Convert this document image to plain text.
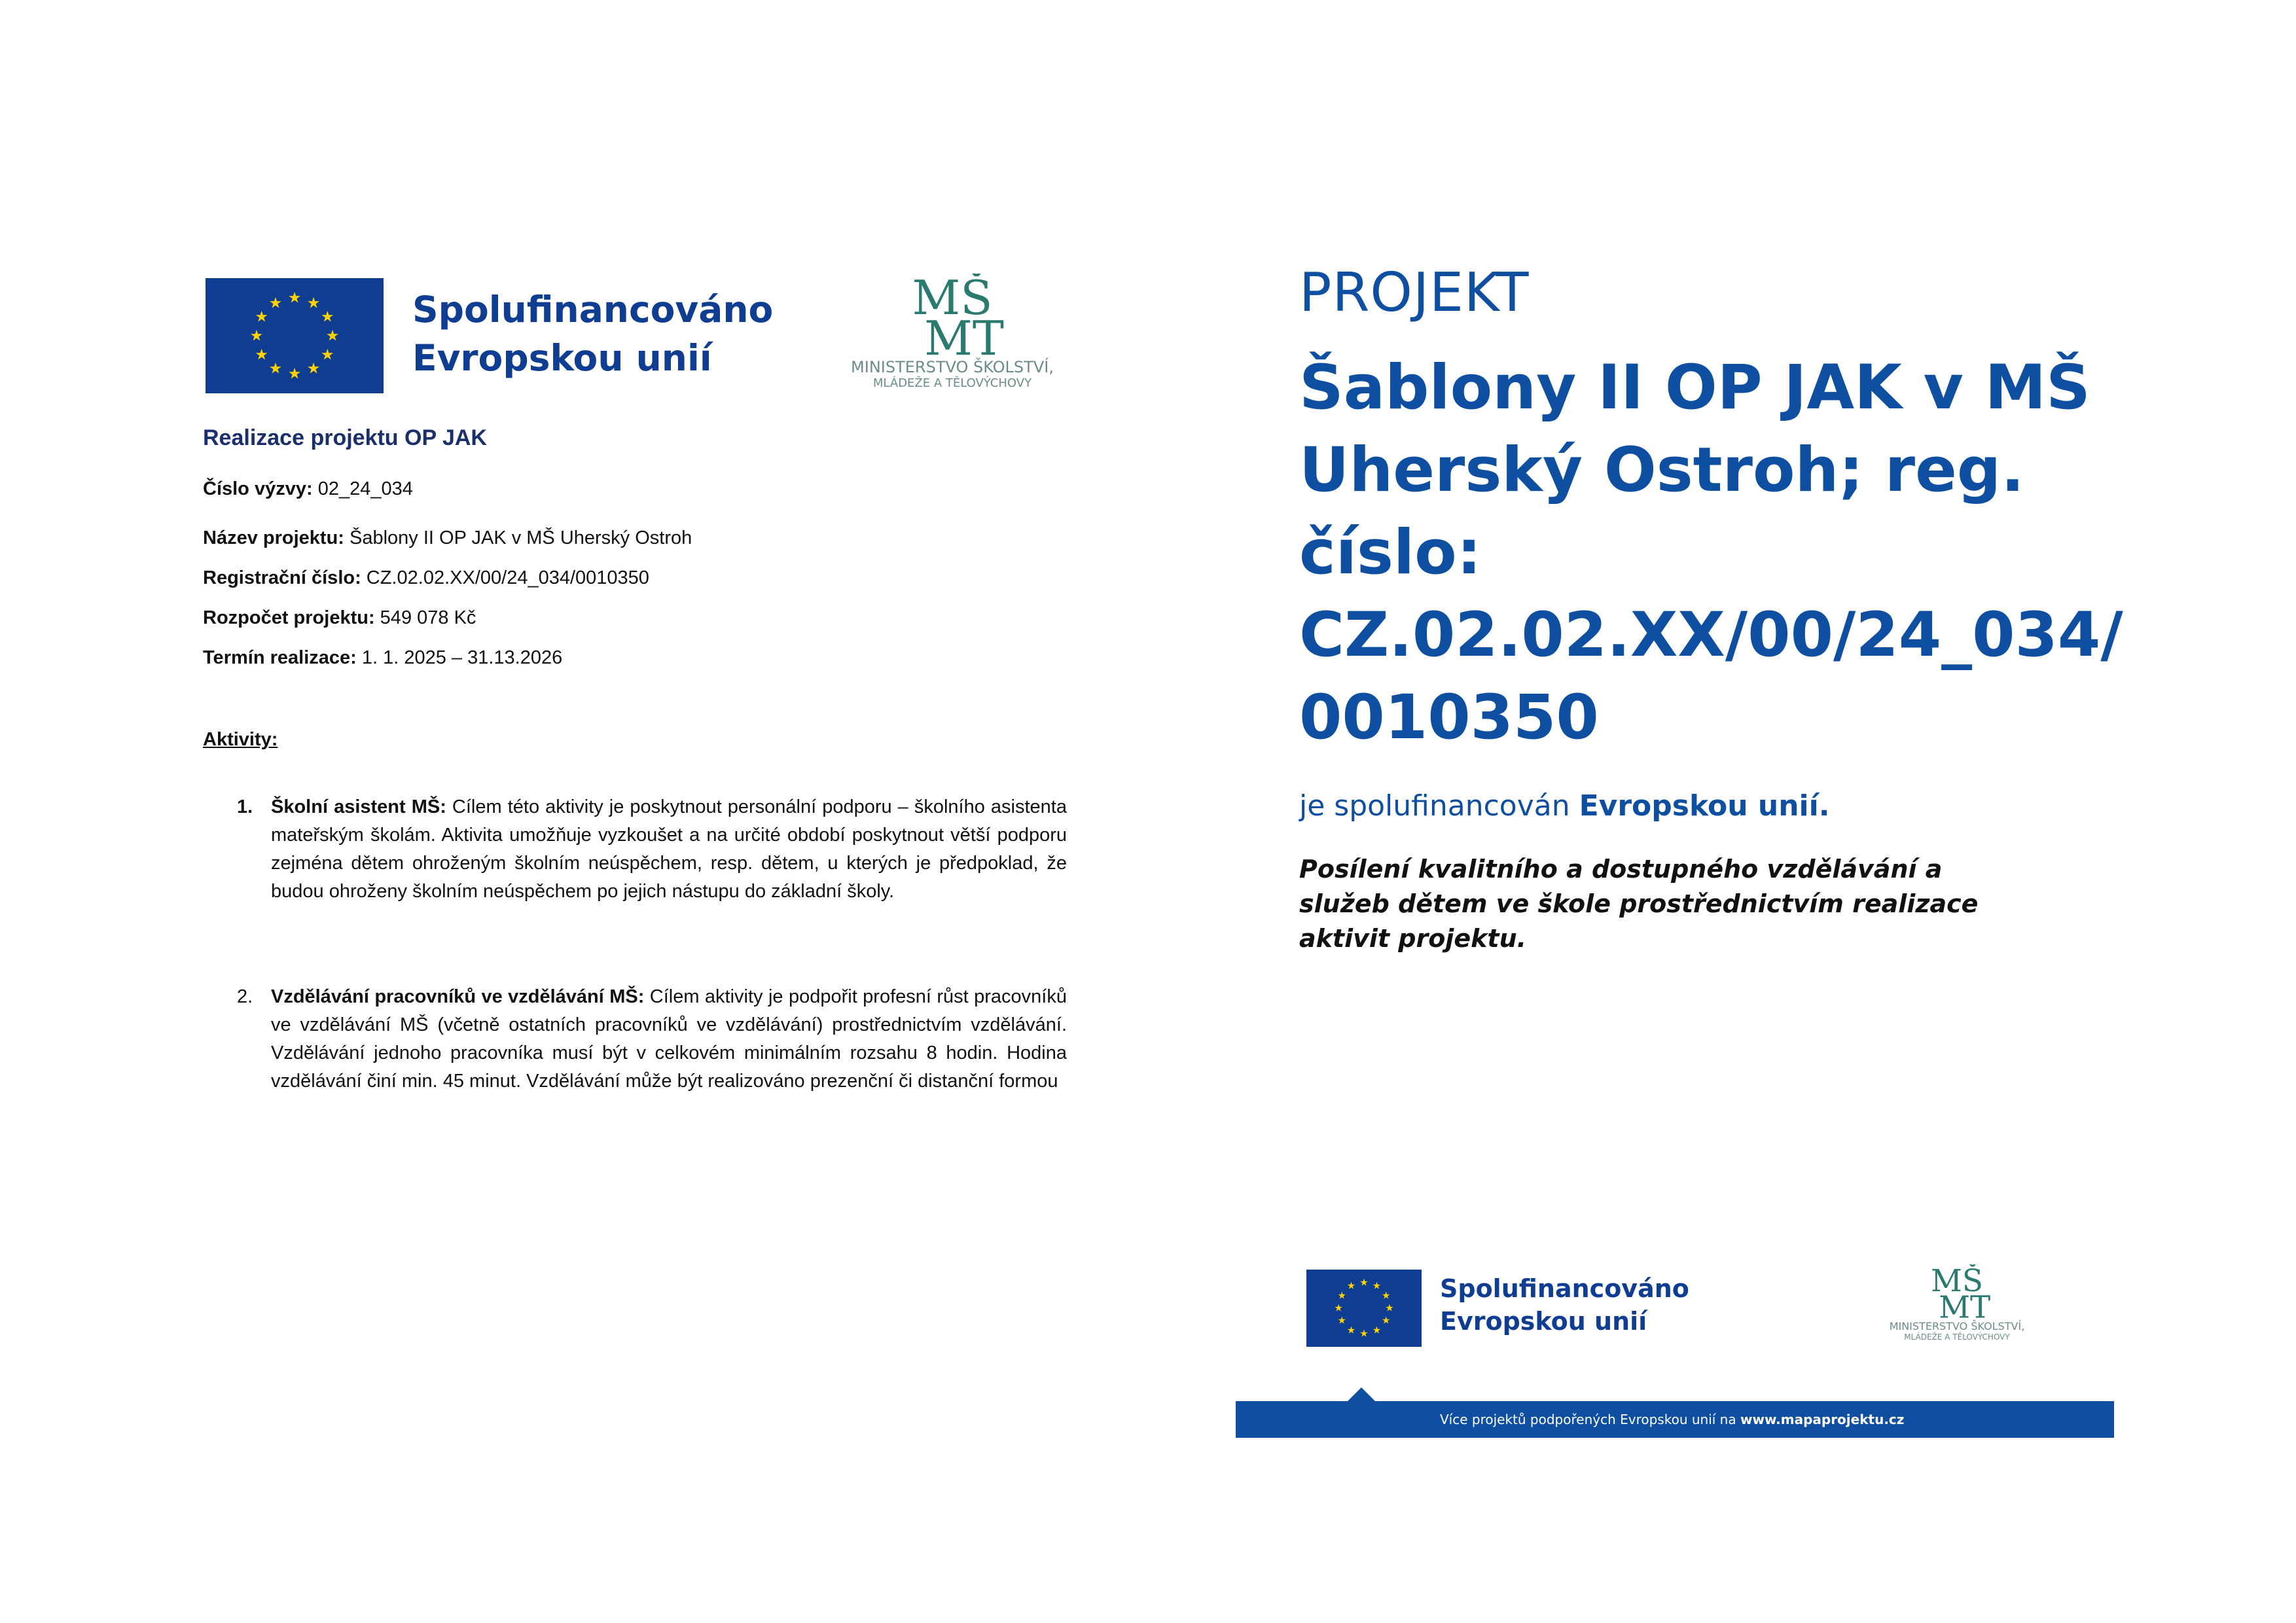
★ ★
★
★
★
★
★
★
★
★
★
★	Spolufinancováno
Evropskou unií
MŠ
MT
MINISTERSTVO ŠKOLSTVÍ,
MLÁDEŽE A TĚLOVÝCHOVY
Realizace projektu OP JAK
Číslo výzvy: 02_24_034
Název projektu: Šablony II OP JAK v MŠ Uherský Ostroh
Registrační číslo: CZ.02.02.XX/00/24_034/0010350
Rozpočet projektu: 549 078 Kč
Termín realizace: 1. 1. 2025 – 31.13.2026
Aktivity:
1. Školní asistent MŠ: Cílem této aktivity je poskytnout personální podporu – školního asistenta mateřským školám. Aktivita umožňuje vyzkoušet a na určité období poskytnout větší podporu zejména dětem ohroženým školním neúspěchem, resp. dětem, u kterých je předpoklad, že budou ohroženy školním neúspěchem po jejich nástupu do základní školy.
2. Vzdělávání pracovníků ve vzdělávání MŠ: Cílem aktivity je podpořit profesní růst pracovníků ve vzdělávání MŠ (včetně ostatních pracovníků ve vzdělávání) prostřednictvím vzdělávání. Vzdělávání jednoho pracovníka musí být v celkovém minimálním rozsahu 8 hodin. Hodina vzdělávání činí min. 45 minut. Vzdělávání může být realizováno prezenční či distanční formou
PROJEKT
Šablony II OP JAK v MŠ
Uherský Ostroh; reg.
číslo:
CZ.02.02.XX/00/24_034/
0010350
je spolufinancován Evropskou unií.
Posílení kvalitního a dostupného vzdělávání a služeb dětem ve škole prostřednictvím realizace aktivit projektu.
★ ★
★
★
★
★
★
★
★
★
★
★	Spolufinancováno
Evropskou unií
MŠ
MT
MINISTERSTVO ŠKOLSTVÍ,
MLÁDEŽE A TĚLOVÝCHOVY
Více projektů podpořených Evropskou unií na www.mapaprojektu.cz
